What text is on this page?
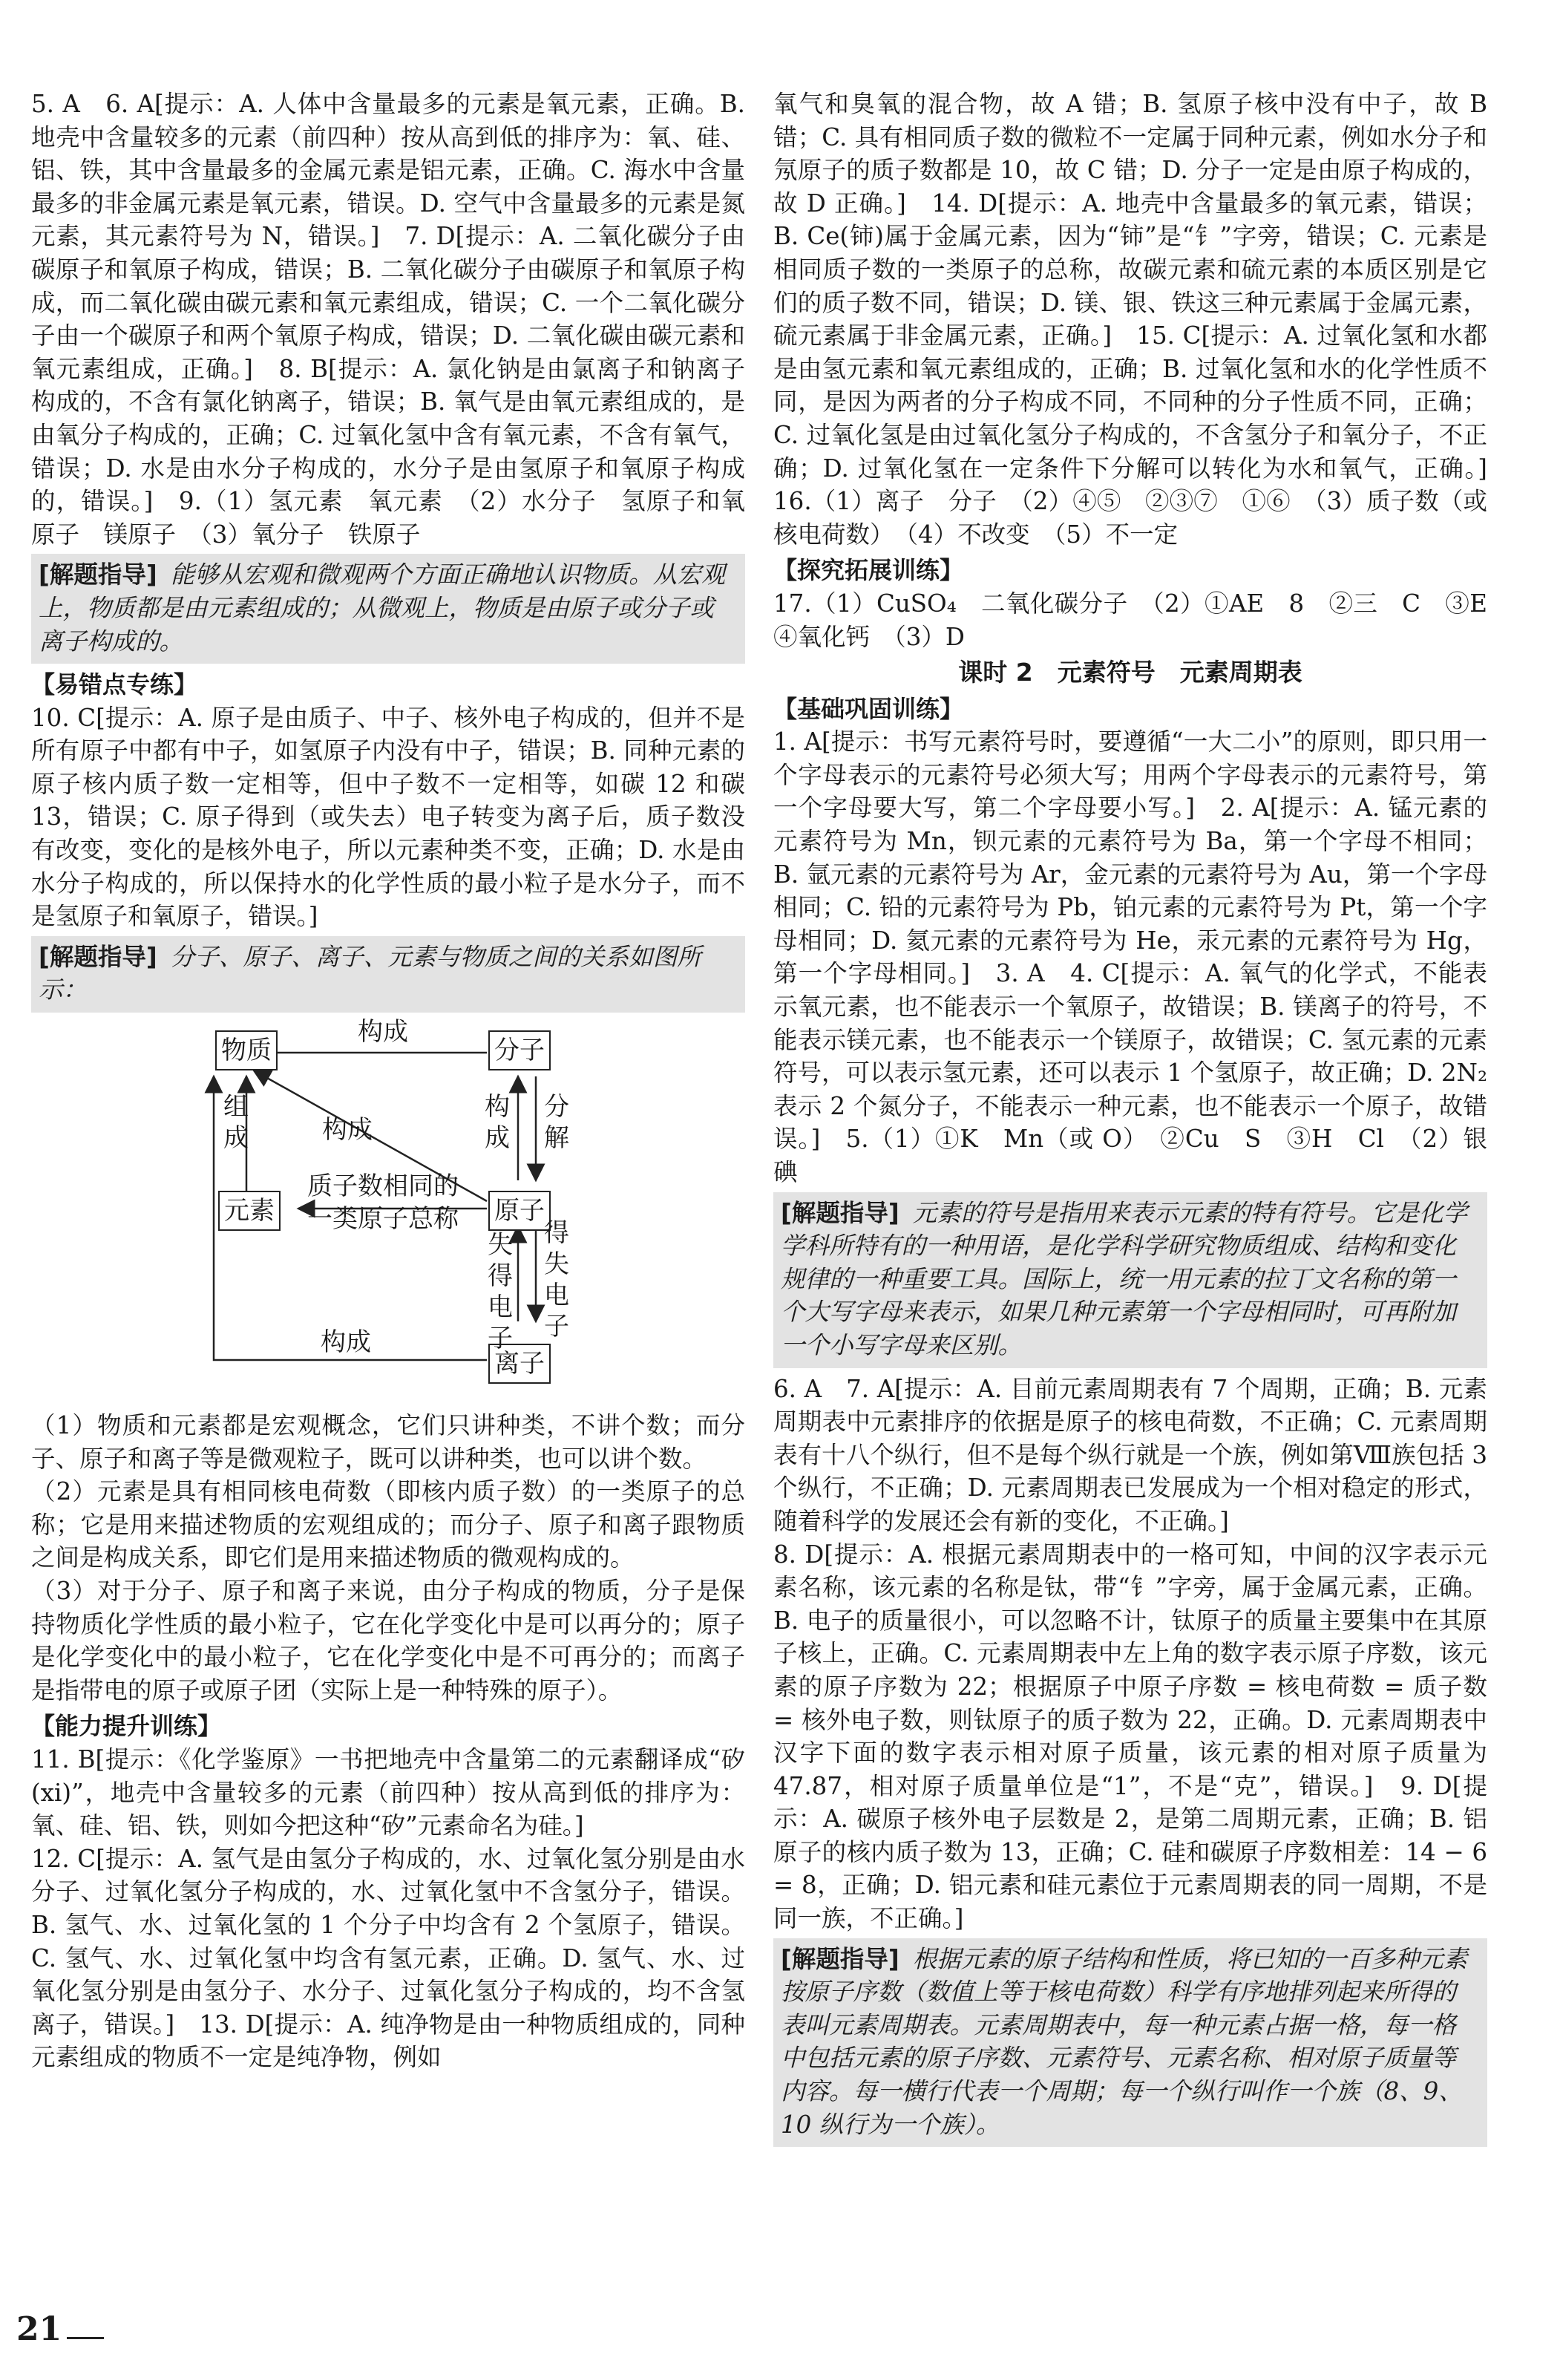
5. A　6. A[提示：A. 人体中含量最多的元素是氧元素，正确。B. 地壳中含量较多的元素（前四种）按从高到低的排序为：氧、硅、铝、铁，其中含量最多的金属元素是铝元素，正确。C. 海水中含量最多的非金属元素是氧元素，错误。D. 空气中含量最多的元素是氮元素，其元素符号为 N，错误。]　7. D[提示：A. 二氧化碳分子由碳原子和氧原子构成，错误；B. 二氧化碳分子由碳原子和氧原子构成，而二氧化碳由碳元素和氧元素组成，错误；C. 一个二氧化碳分子由一个碳原子和两个氧原子构成，错误；D. 二氧化碳由碳元素和氧元素组成，正确。]　8. B[提示：A. 氯化钠是由氯离子和钠离子构成的，不含有氯化钠离子，错误；B. 氧气是由氧元素组成的，是由氧分子构成的，正确；C. 过氧化氢中含有氧元素，不含有氧气，错误；D. 水是由水分子构成的，水分子是由氢原子和氧原子构成的，错误。]　9.（1）氢元素　氧元素　（2）水分子　氢原子和氧原子　镁原子　（3）氧分子　铁原子

[解题指导] 能够从宏观和微观两个方面正确地认识物质。从宏观上，物质都是由元素组成的；从微观上，物质是由原子或分子或离子构成的。
【易错点专练】

10. C[提示：A. 原子是由质子、中子、核外电子构成的，但并不是所有原子中都有中子，如氢原子内没有中子，错误；B. 同种元素的原子核内质子数一定相等，但中子数不一定相等，如碳 12 和碳 13，错误；C. 原子得到（或失去）电子转变为离子后，质子数没有改变，变化的是核外电子，所以元素种类不变，正确；D. 水是由水分子构成的，所以保持水的化学性质的最小粒子是水分子，而不是氢原子和氧原子，错误。]

[解题指导] 分子、原子、离子、元素与物质之间的关系如图所示：
物质	分子
元素	原子
离子
构成
组成	构成
构成
分解
质子数相同的
一类原子总称
失得电子
得失电子
构成

（1）物质和元素都是宏观概念，它们只讲种类，不讲个数；而分子、原子和离子等是微观粒子，既可以讲种类，也可以讲个数。

（2）元素是具有相同核电荷数（即核内质子数）的一类原子的总称；它是用来描述物质的宏观组成的；而分子、原子和离子跟物质之间是构成关系，即它们是用来描述物质的微观构成的。

（3）对于分子、原子和离子来说，由分子构成的物质，分子是保持物质化学性质的最小粒子，它在化学变化中是可以再分的；原子是化学变化中的最小粒子，它在化学变化中是不可再分的；而离子是指带电的原子或原子团（实际上是一种特殊的原子）。

【能力提升训练】

11. B[提示：《化学鉴原》一书把地壳中含量第二的元素翻译成“矽(xi)”，地壳中含量较多的元素（前四种）按从高到低的排序为：氧、硅、铝、铁，则如今把这种“矽”元素命名为硅。]

12. C[提示：A. 氢气是由氢分子构成的，水、过氧化氢分别是由水分子、过氧化氢分子构成的，水、过氧化氢中不含氢分子，错误。B. 氢气、水、过氧化氢的 1 个分子中均含有 2 个氢原子，错误。C. 氢气、水、过氧化氢中均含有氢元素，正确。D. 氢气、水、过氧化氢分别是由氢分子、水分子、过氧化氢分子构成的，均不含氢离子，错误。]　13. D[提示：A. 纯净物是由一种物质组成的，同种元素组成的物质不一定是纯净物，例如

氧气和臭氧的混合物，故 A 错；B. 氢原子核中没有中子，故 B 错；C. 具有相同质子数的微粒不一定属于同种元素，例如水分子和氖原子的质子数都是 10，故 C 错；D. 分子一定是由原子构成的，故 D 正确。]　14. D[提示：A. 地壳中含量最多的氧元素，错误；B. Ce(铈)属于金属元素，因为“铈”是“钅”字旁，错误；C. 元素是相同质子数的一类原子的总称，故碳元素和硫元素的本质区别是它们的质子数不同，错误；D. 镁、银、铁这三种元素属于金属元素，硫元素属于非金属元素，正确。]　15. C[提示：A. 过氧化氢和水都是由氢元素和氧元素组成的，正确；B. 过氧化氢和水的化学性质不同，是因为两者的分子构成不同，不同种的分子性质不同，正确；C. 过氧化氢是由过氧化氢分子构成的，不含氢分子和氧分子，不正确；D. 过氧化氢在一定条件下分解可以转化为水和氧气，正确。]　16.（1）离子　分子　（2）④⑤　②③⑦　①⑥　（3）质子数（或核电荷数）　（4）不改变　（5）不一定

【探究拓展训练】

17.（1）CuSO₄　二氧化碳分子　（2）①AE　8　②三　C　③E　④氧化钙　（3）D

课时 2　元素符号　元素周期表
【基础巩固训练】

1. A[提示：书写元素符号时，要遵循“一大二小”的原则，即只用一个字母表示的元素符号必须大写；用两个字母表示的元素符号，第一个字母要大写，第二个字母要小写。]　2. A[提示：A. 锰元素的元素符号为 Mn，钡元素的元素符号为 Ba，第一个字母不相同；B. 氩元素的元素符号为 Ar，金元素的元素符号为 Au，第一个字母相同；C. 铅的元素符号为 Pb，铂元素的元素符号为 Pt，第一个字母相同；D. 氦元素的元素符号为 He，汞元素的元素符号为 Hg，第一个字母相同。]　3. A　4. C[提示：A. 氧气的化学式，不能表示氧元素，也不能表示一个氧原子，故错误；B. 镁离子的符号，不能表示镁元素，也不能表示一个镁原子，故错误；C. 氢元素的元素符号，可以表示氢元素，还可以表示 1 个氢原子，故正确；D. 2N₂ 表示 2 个氮分子，不能表示一种元素，也不能表示一个原子，故错误。]　5.（1）①K　Mn（或 O）　②Cu　S　③H　Cl　（2）银　碘

[解题指导] 元素的符号是指用来表示元素的特有符号。它是化学学科所特有的一种用语，是化学科学研究物质组成、结构和变化规律的一种重要工具。国际上，统一用元素的拉丁文名称的第一个大写字母来表示，如果几种元素第一个字母相同时，可再附加一个小写字母来区别。

6. A　7. A[提示：A. 目前元素周期表有 7 个周期，正确；B. 元素周期表中元素排序的依据是原子的核电荷数，不正确；C. 元素周期表有十八个纵行，但不是每个纵行就是一个族，例如第Ⅷ族包括 3 个纵行，不正确；D. 元素周期表已发展成为一个相对稳定的形式，随着科学的发展还会有新的变化，不正确。]

8. D[提示：A. 根据元素周期表中的一格可知，中间的汉字表示元素名称，该元素的名称是钛，带“钅”字旁，属于金属元素，正确。B. 电子的质量很小，可以忽略不计，钛原子的质量主要集中在其原子核上，正确。C. 元素周期表中左上角的数字表示原子序数，该元素的原子序数为 22；根据原子中原子序数 = 核电荷数 = 质子数 = 核外电子数，则钛原子的质子数为 22，正确。D. 元素周期表中汉字下面的数字表示相对原子质量，该元素的相对原子质量为 47.87，相对原子质量单位是“1”，不是“克”，错误。]　9. D[提示：A. 碳原子核外电子层数是 2，是第二周期元素，正确；B. 铝原子的核内质子数为 13，正确；C. 硅和碳原子序数相差：14 − 6 = 8，正确；D. 铝元素和硅元素位于元素周期表的同一周期，不是同一族，不正确。]

[解题指导] 根据元素的原子结构和性质，将已知的一百多种元素按原子序数（数值上等于核电荷数）科学有序地排列起来所得的表叫元素周期表。元素周期表中，每一种元素占据一格，每一格中包括元素的原子序数、元素符号、元素名称、相对原子质量等内容。每一横行代表一个周期；每一个纵行叫作一个族（8、9、10 纵行为一个族）。
21
